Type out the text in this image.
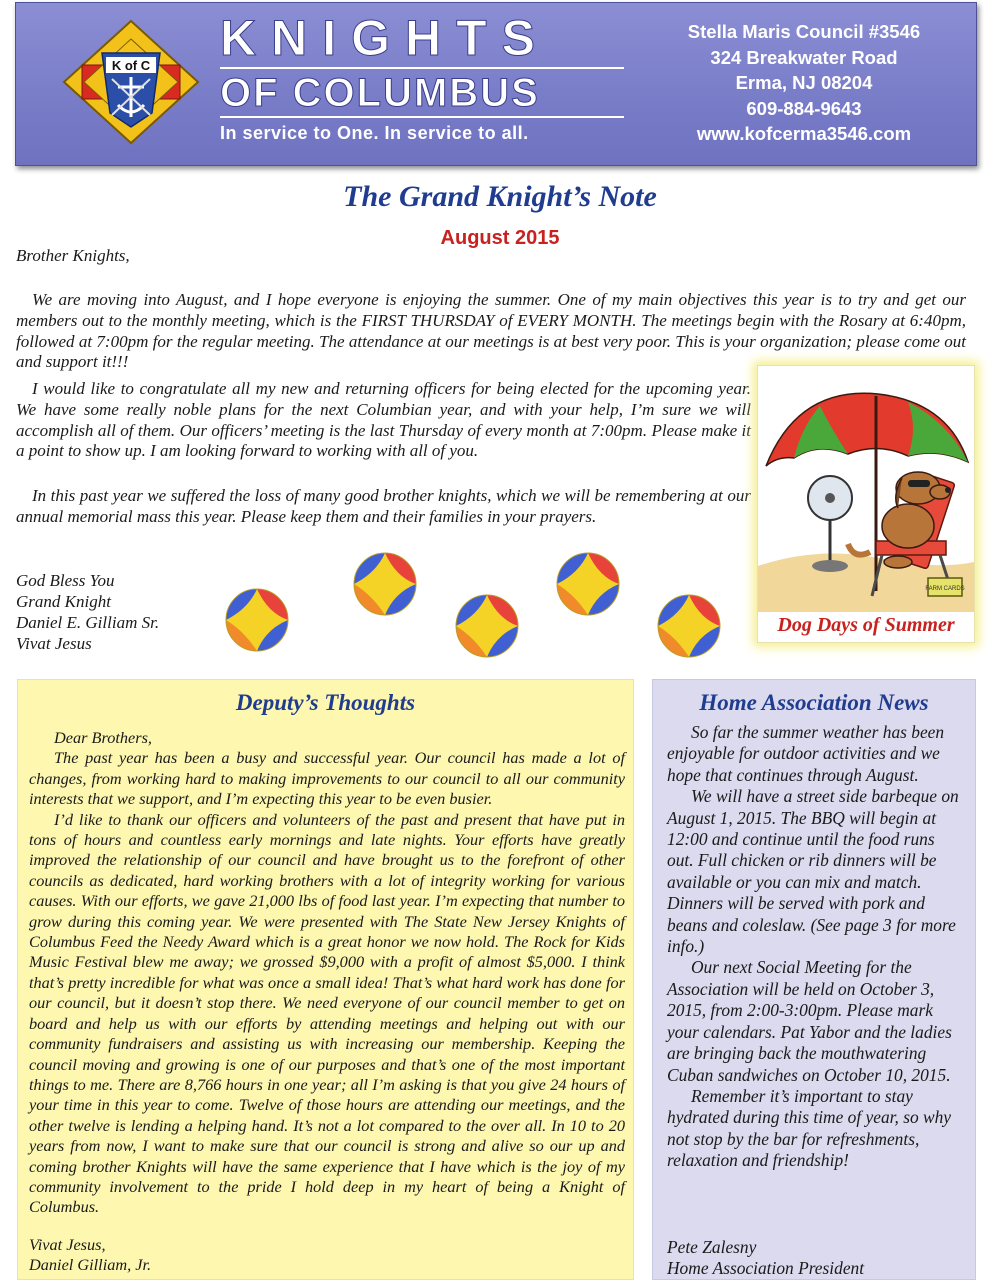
K of C KNIGHTS
OF COLUMBUS
In service to One. In service to all.
Stella Maris Council #3546
324 Breakwater Road
Erma, NJ 08204
609-884-9643
www.kofcerma3546.com
The Grand Knight’s Note
August 2015
Brother Knights,
We are moving into August, and I hope everyone is enjoying the summer. One of my main objectives this year is to try and get our members out to the monthly meeting, which is the FIRST THURSDAY of EVERY MONTH. The meetings begin with the Rosary at 6:40pm, followed at 7:00pm for the regular meeting. The attendance at our meetings is at best very poor. This is your organization; please come out and support it!!!
I would like to congratulate all my new and returning officers for being elected for the upcoming year. We have some really noble plans for the next Columbian year, and with your help, I’m sure we will accomplish all of them. Our officers’ meeting is the last Thursday of every month at 7:00pm. Please make it a point to show up. I am looking forward to working with all of you.
In this past year we suffered the loss of many good brother knights, which we will be remembering at our annual memorial mass this year. Please keep them and their families in your prayers.
God Bless You
Grand Knight
Daniel E. Gilliam Sr.
Vivat Jesus
FARM CARDS
Dog Days of Summer
Deputy’s Thoughts
Dear Brothers,

The past year has been a busy and successful year. Our council has made a lot of changes, from working hard to making improvements to our council to all our community interests that we support, and I’m expecting this year to be even busier.

I’d like to thank our officers and volunteers of the past and present that have put in tons of hours and countless early mornings and late nights. Your efforts have greatly improved the relationship of our council and have brought us to the forefront of other councils as dedicated, hard working brothers with a lot of integrity working for various causes. With our efforts, we gave 21,000 lbs of food last year. I’m expecting that number to grow during this coming year. We were presented with The State New Jersey Knights of Columbus Feed the Needy Award which is a great honor we now hold. The Rock for Kids Music Festival blew me away; we grossed $9,000 with a profit of almost $5,000. I think that’s pretty incredible for what was once a small idea! That’s what hard work has done for our council, but it doesn’t stop there. We need everyone of our council member to get on board and help us with our efforts by attending meetings and helping out with our community fundraisers and assisting us with increasing our membership. Keeping the council moving and growing is one of our purposes and that’s one of the most important things to me. There are 8,766 hours in one year; all I’m asking is that you give 24 hours of your time in this year to come. Twelve of those hours are attending our meetings, and the other twelve is lending a helping hand. It’s not a lot compared to the over all. In 10 to 20 years from now, I want to make sure that our council is strong and alive so our up and coming brother Knights will have the same experience that I have which is the joy of my community involvement to the pride I hold deep in my heart of being a Knight of Columbus.

Vivat Jesus,
Daniel Gilliam, Jr.
Home Association News

So far the summer weather has been enjoyable for outdoor activities and we hope that continues through August.

We will have a street side barbeque on August 1, 2015. The BBQ will begin at 12:00 and continue until the food runs out. Full chicken or rib dinners will be available or you can mix and match. Dinners will be served with pork and beans and coleslaw. (See page 3 for more info.)

Our next Social Meeting for the Association will be held on October 3, 2015, from 2:00-3:00pm. Please mark your calendars. Pat Yabor and the ladies are bringing back the mouthwatering Cuban sandwiches on October 10, 2015.

Remember it’s important to stay hydrated during this time of year, so why not stop by the bar for refreshments, relaxation and friendship!

Pete Zalesny
Home Association President
